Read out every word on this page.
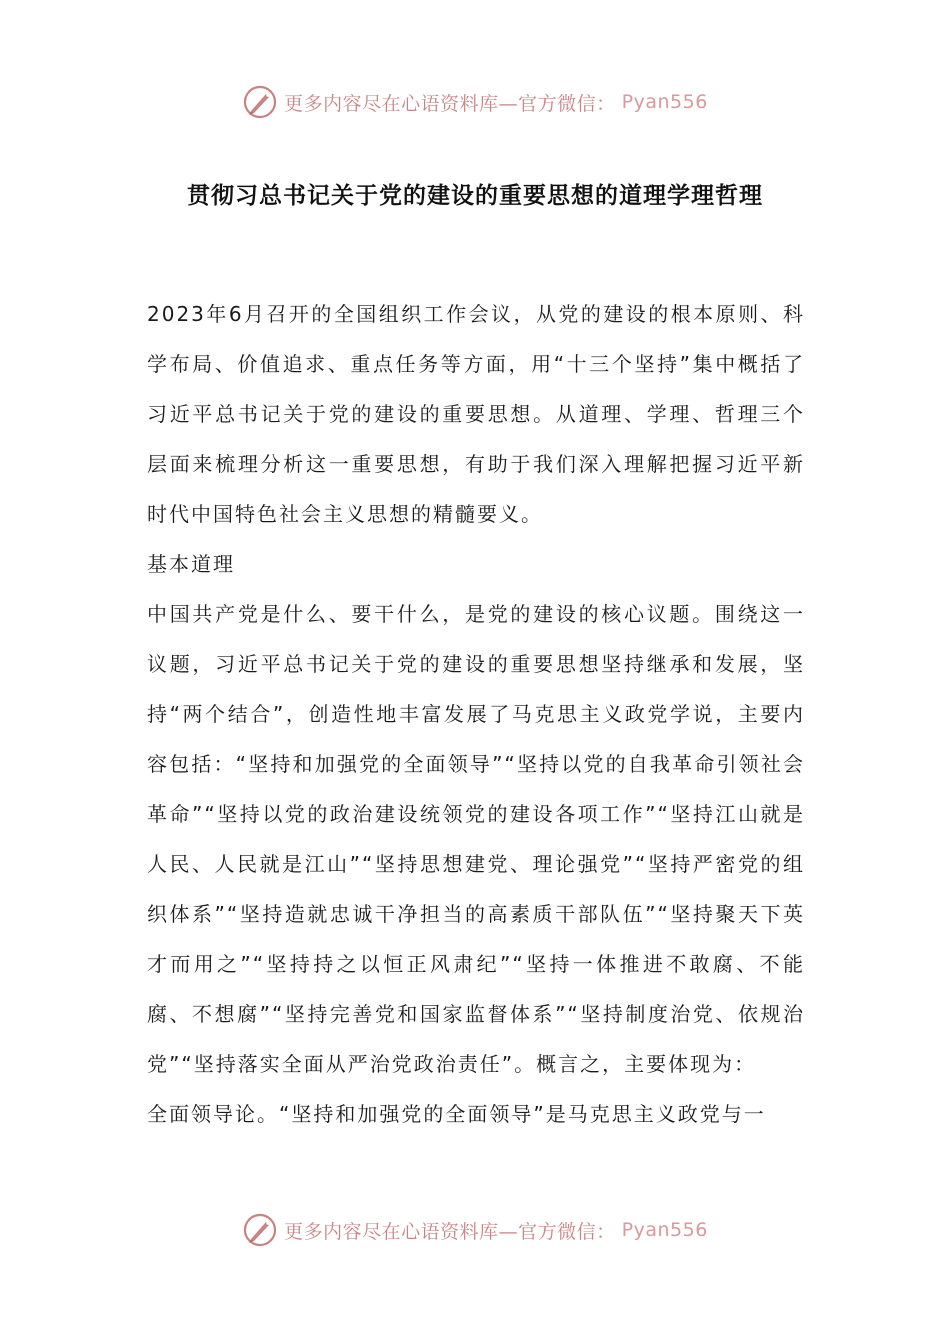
更多内容尽在心语资料库—官方微信： Pyan556
贯彻习总书记关于党的建设的重要思想的道理学理哲理

2023年6月召开的全国组织工作会议，从党的建设的根本原则、科学布局、价值追求、重点任务等方面，用“十三个坚持”集中概括了习近平总书记关于党的建设的重要思想。从道理、学理、哲理三个层面来梳理分析这一重要思想，有助于我们深入理解把握习近平新时代中国特色社会主义思想的精髓要义。

基本道理

中国共产党是什么、要干什么，是党的建设的核心议题。围绕这一议题，习近平总书记关于党的建设的重要思想坚持继承和发展，坚持“两个结合”，创造性地丰富发展了马克思主义政党学说，主要内容包括：“坚持和加强党的全面领导”“坚持以党的自我革命引领社会革命”“坚持以党的政治建设统领党的建设各项工作”“坚持江山就是人民、人民就是江山”“坚持思想建党、理论强党”“坚持严密党的组织体系”“坚持造就忠诚干净担当的高素质干部队伍”“坚持聚天下英才而用之”“坚持持之以恒正风肃纪”“坚持一体推进不敢腐、不能腐、不想腐”“坚持完善党和国家监督体系”“坚持制度治党、依规治党”“坚持落实全面从严治党政治责任”。概言之，主要体现为：

全面领导论。“坚持和加强党的全面领导”是马克思主义政党与一

更多内容尽在心语资料库—官方微信： Pyan556
